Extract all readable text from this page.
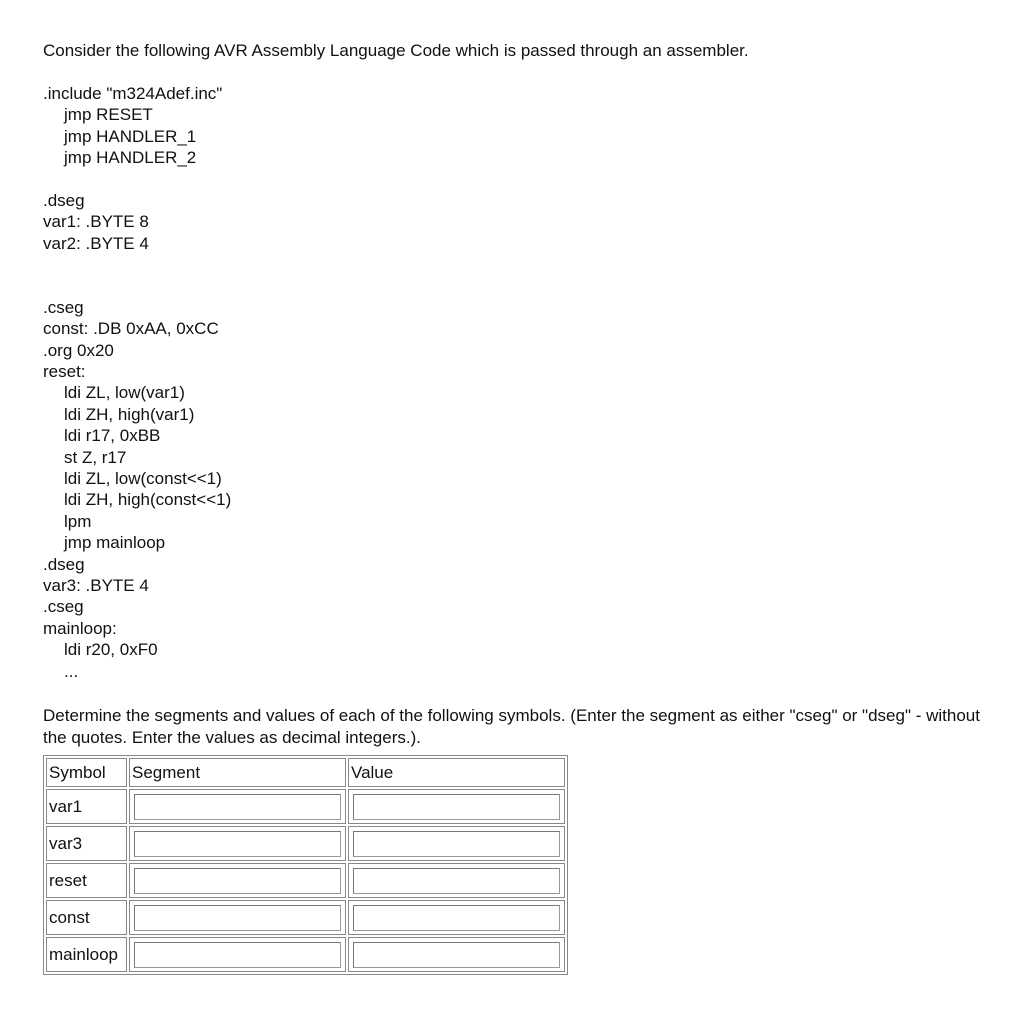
Consider the following AVR Assembly Language Code which is passed through an assembler.

.include "m324Adef.inc"
jmp RESET
jmp HANDLER_1
jmp HANDLER_2
.dseg
var1: .BYTE 8
var2: .BYTE 4
.cseg
const: .DB 0xAA, 0xCC
.org 0x20
reset:
ldi ZL, low(var1)
ldi ZH, high(var1)
ldi r17, 0xBB
st Z, r17
ldi ZL, low(const<<1)
ldi ZH, high(const<<1)
lpm
jmp mainloop
.dseg
var3: .BYTE 4
.cseg
mainloop:
ldi r20, 0xF0
...

Determine the segments and values of each of the following symbols. (Enter the segment as either "cseg" or "dseg" - without the quotes. Enter the values as decimal integers.).

Symbol	Segment	Value
var1		
var3		
reset		
const		
mainloop		
